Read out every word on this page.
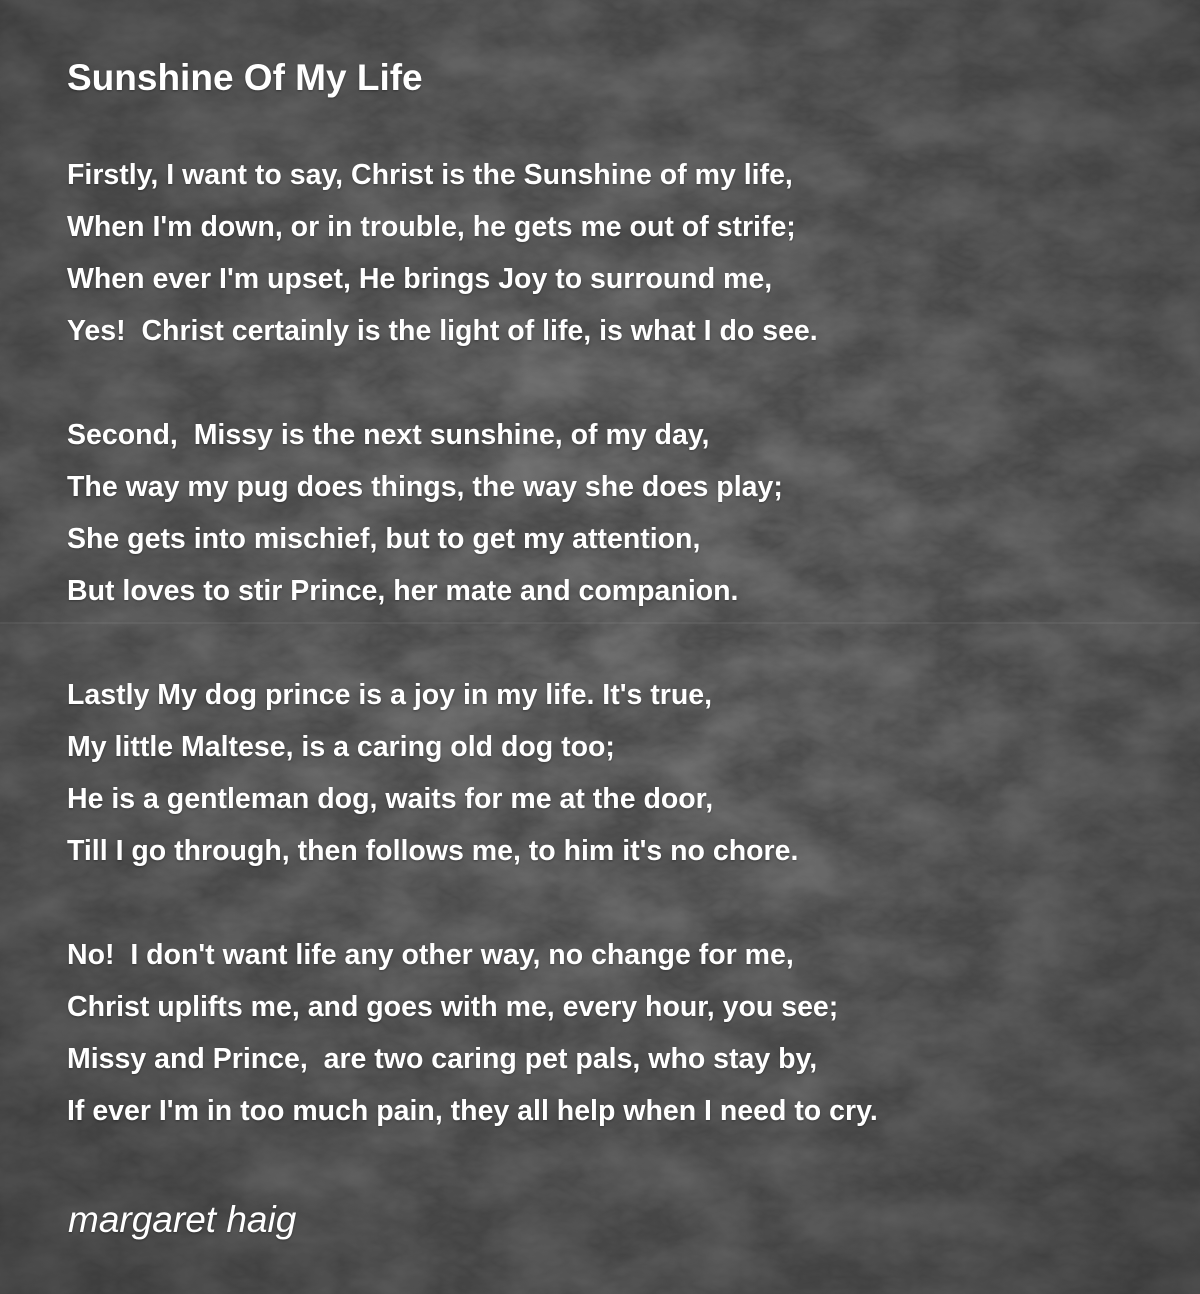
Sunshine Of My Life
Firstly, I want to say, Christ is the Sunshine of my life,
When I'm down, or in trouble, he gets me out of strife;
When ever I'm upset, He brings Joy to surround me,
Yes!  Christ certainly is the light of life, is what I do see.
Second,  Missy is the next sunshine, of my day,
The way my pug does things, the way she does play;
She gets into mischief, but to get my attention,
But loves to stir Prince, her mate and companion.
Lastly My dog prince is a joy in my life. It's true,
My little Maltese, is a caring old dog too;
He is a gentleman dog, waits for me at the door,
Till I go through, then follows me, to him it's no chore.
No!  I don't want life any other way, no change for me,
Christ uplifts me, and goes with me, every hour, you see;
Missy and Prince,  are two caring pet pals, who stay by,
If ever I'm in too much pain, they all help when I need to cry.

margaret haig
